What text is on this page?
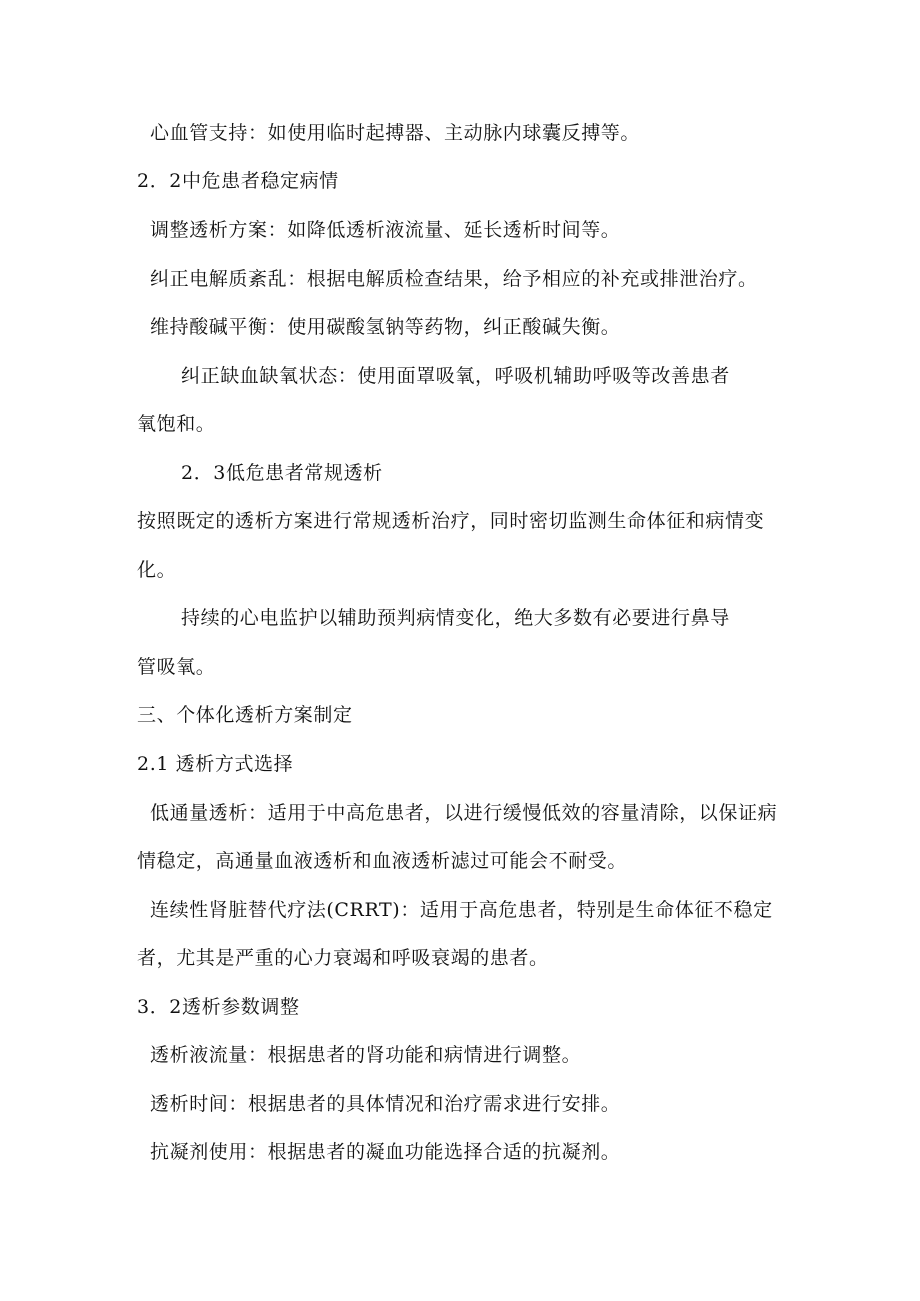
心血管支持：如使用临时起搏器、主动脉内球囊反搏等。
2．2中危患者稳定病情
调整透析方案：如降低透析液流量、延长透析时间等。
纠正电解质紊乱：根据电解质检查结果，给予相应的补充或排泄治疗。
维持酸碱平衡：使用碳酸氢钠等药物，纠正酸碱失衡。
纠正缺血缺氧状态：使用面罩吸氧，呼吸机辅助呼吸等改善患者
氧饱和。
2．3低危患者常规透析
按照既定的透析方案进行常规透析治疗，同时密切监测生命体征和病情变
化。
持续的心电监护以辅助预判病情变化，绝大多数有必要进行鼻导
管吸氧。
三、个体化透析方案制定
2.1 透析方式选择
低通量透析：适用于中高危患者，以进行缓慢低效的容量清除，以保证病
情稳定，高通量血液透析和血液透析滤过可能会不耐受。
连续性肾脏替代疗法(CRRT)：适用于高危患者，特别是生命体征不稳定
者，尤其是严重的心力衰竭和呼吸衰竭的患者。
3．2透析参数调整
透析液流量：根据患者的肾功能和病情进行调整。
透析时间：根据患者的具体情况和治疗需求进行安排。
抗凝剂使用：根据患者的凝血功能选择合适的抗凝剂。
